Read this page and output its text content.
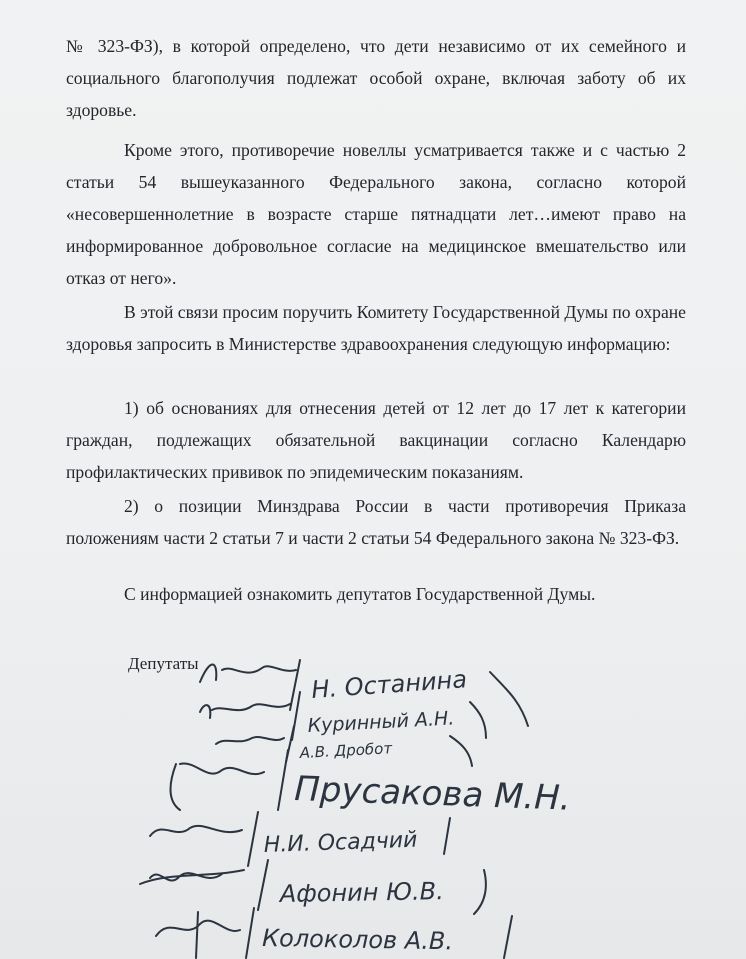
№ 323-ФЗ), в которой определено, что дети независимо от их семейного и социального благополучия подлежат особой охране, включая заботу об их здоровье.

Кроме этого, противоречие новеллы усматривается также и с частью 2 статьи 54 вышеуказанного Федерального закона, согласно которой «несовершеннолетние в возрасте старше пятнадцати лет…имеют право на информированное добровольное согласие на медицинское вмешательство или отказ от него».

В этой связи просим поручить Комитету Государственной Думы по охране здоровья запросить в Министерстве здравоохранения следующую информацию:

1) об основаниях для отнесения детей от 12 лет до 17 лет к категории граждан, подлежащих обязательной вакцинации согласно Календарю профилактических прививок по эпидемическим показаниям.

2) о позиции Минздрава России в части противоречия Приказа положениям части 2 статьи 7 и части 2 статьи 54 Федерального закона № 323-ФЗ.

С информацией ознакомить депутатов Государственной Думы.

Депутаты
Н. Останина
Куринный А.Н.
А.В. Дробот
Прусакова М.Н.
Н.И. Осадчий
Афонин Ю.В.
Колоколов А.В.
